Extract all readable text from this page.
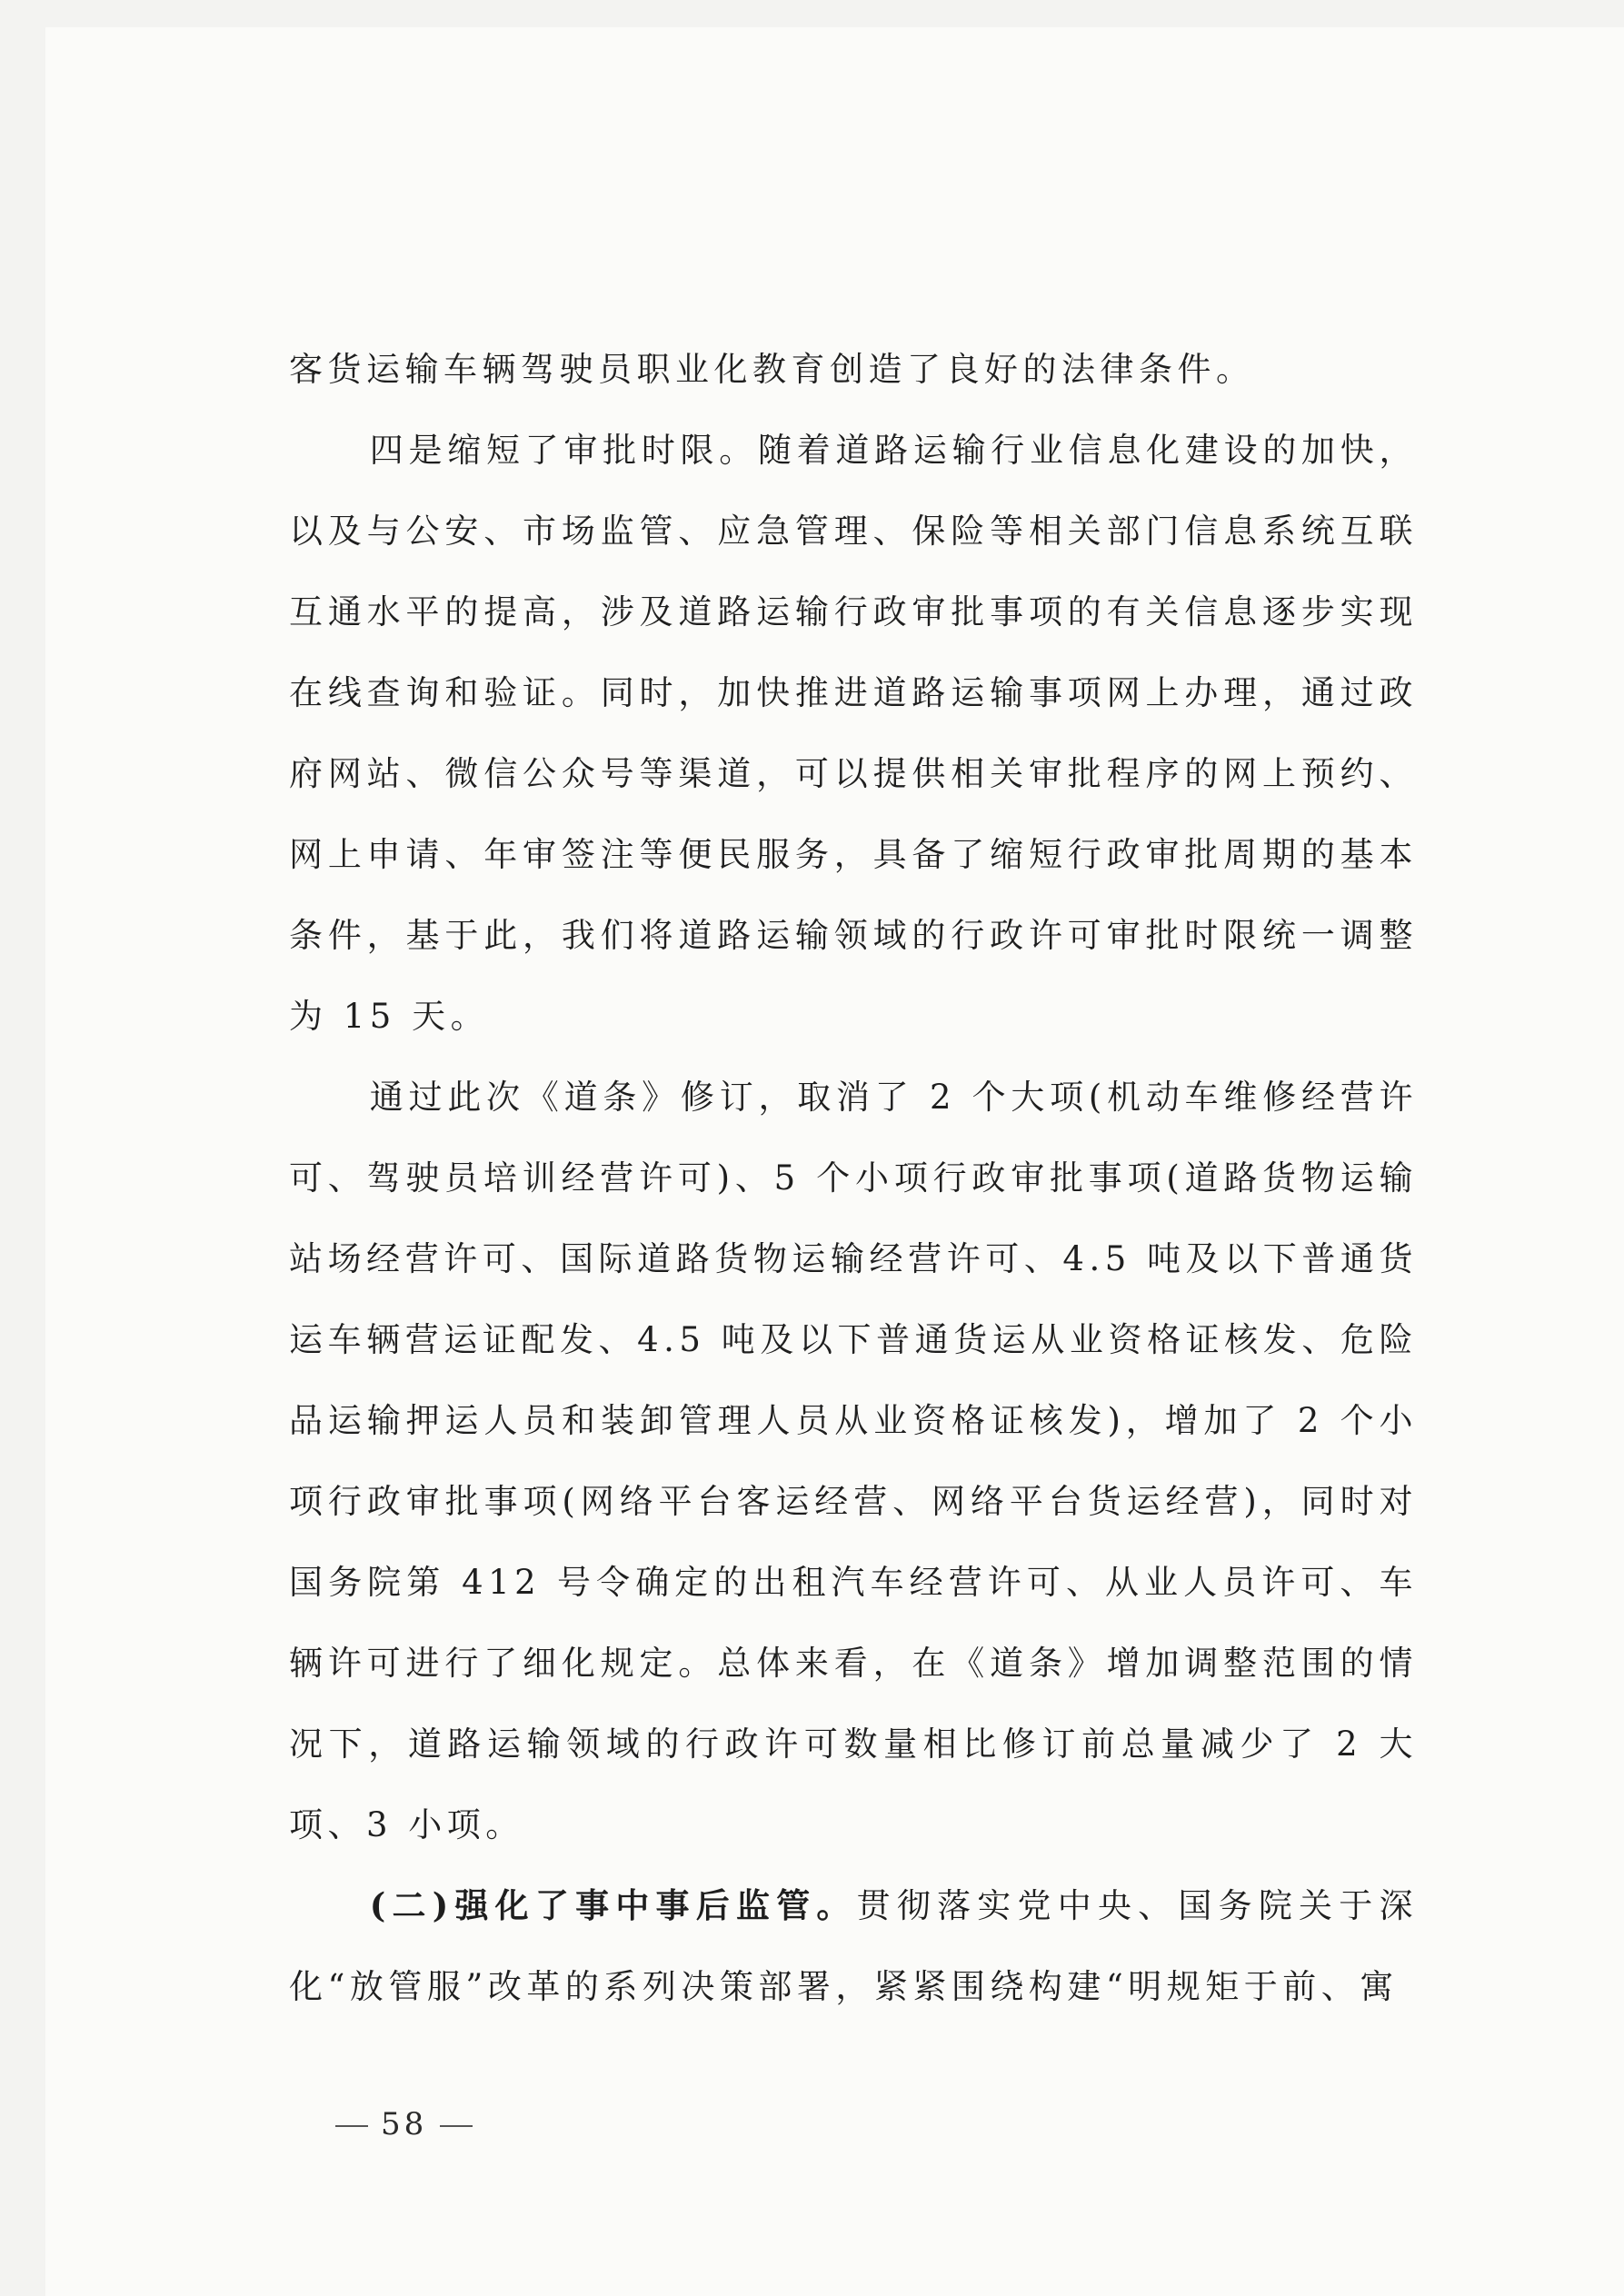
客货运输车辆驾驶员职业化教育创造了良好的法律条件。

四是缩短了审批时限。随着道路运输行业信息化建设的加快，以及与公安、市场监管、应急管理、保险等相关部门信息系统互联互通水平的提高，涉及道路运输行政审批事项的有关信息逐步实现在线查询和验证。同时，加快推进道路运输事项网上办理，通过政府网站、微信公众号等渠道，可以提供相关审批程序的网上预约、网上申请、年审签注等便民服务，具备了缩短行政审批周期的基本条件，基于此，我们将道路运输领域的行政许可审批时限统一调整为 15 天。

通过此次《道条》修订，取消了 2 个大项(机动车维修经营许可、驾驶员培训经营许可)、5 个小项行政审批事项(道路货物运输站场经营许可、国际道路货物运输经营许可、4.5 吨及以下普通货运车辆营运证配发、4.5 吨及以下普通货运从业资格证核发、危险品运输押运人员和装卸管理人员从业资格证核发)，增加了 2 个小项行政审批事项(网络平台客运经营、网络平台货运经营)，同时对国务院第 412 号令确定的出租汽车经营许可、从业人员许可、车辆许可进行了细化规定。总体来看，在《道条》增加调整范围的情况下，道路运输领域的行政许可数量相比修订前总量减少了 2 大项、3 小项。

(二)强化了事中事后监管。贯彻落实党中央、国务院关于深化“放管服”改革的系列决策部署，紧紧围绕构建“明规矩于前、寓

58
